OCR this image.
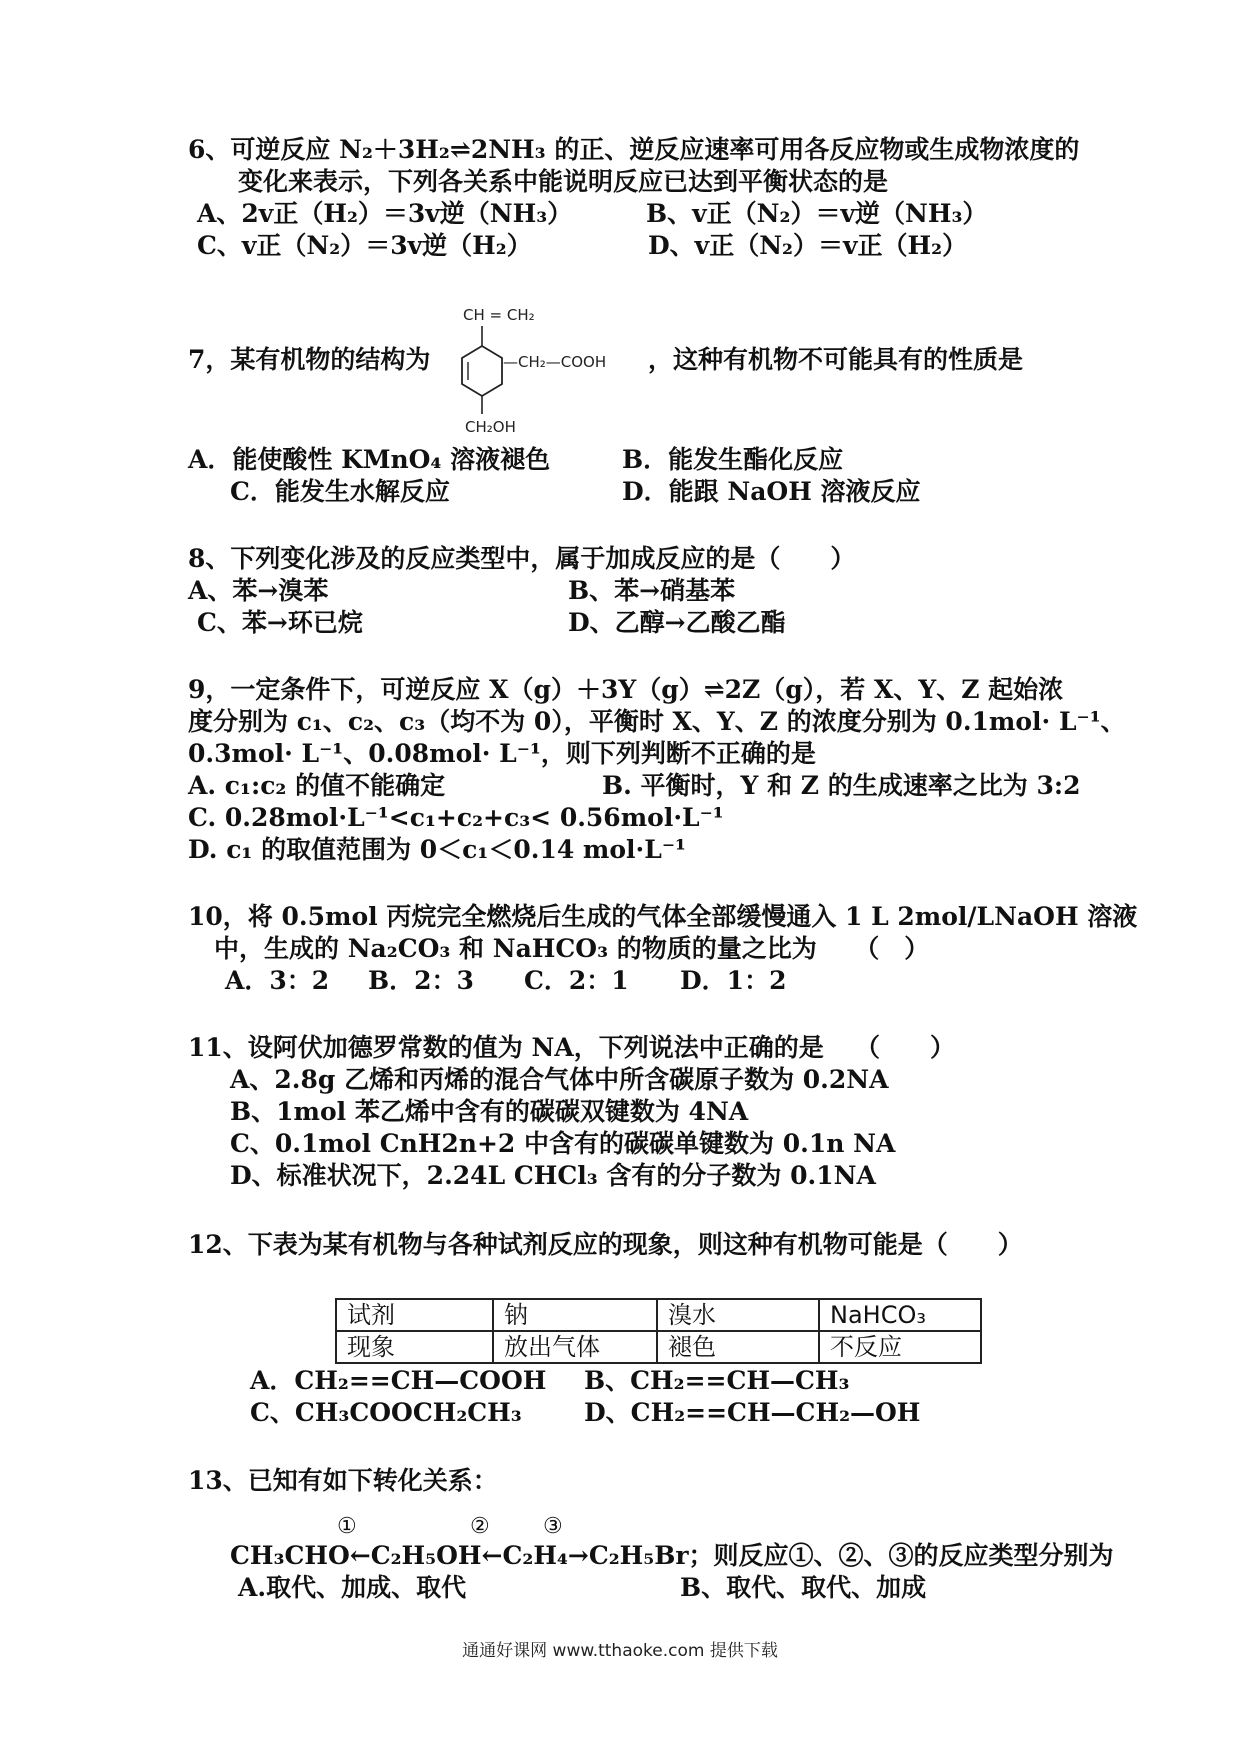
6、可逆反应 N₂＋3H₂⇌2NH₃ 的正、逆反应速率可用各反应物或生成物浓度的
变化来表示，下列各关系中能说明反应已达到平衡状态的是
A、2v正（H₂）＝3v逆（NH₃）	B、v正（N₂）＝v逆（NH₃）
C、v正（N₂）＝3v逆（H₂）	D、v正（N₂）＝v正（H₂）
7，某有机物的结构为
CH = CH₂
—CH₂—COOH
CH₂OH
，这种有机物不可能具有的性质是
A．能使酸性 KMnO₄ 溶液褪色	B．能发生酯化反应
C．能发生水解反应	D．能跟 NaOH 溶液反应
8、下列变化涉及的反应类型中，属于加成反应的是（　　）
A、苯→溴苯	B、苯→硝基苯
C、苯→环已烷	D、乙醇→乙酸乙酯
9，一定条件下，可逆反应 X（g）＋3Y（g）⇌2Z（g），若 X、Y、Z 起始浓
度分别为 c₁、c₂、c₃（均不为 0），平衡时 X、Y、Z 的浓度分别为 0.1mol· L⁻¹、
0.3mol· L⁻¹、0.08mol· L⁻¹，则下列判断不正确的是
A. c₁:c₂ 的值不能确定	B. 平衡时，Y 和 Z 的生成速率之比为 3:2
C. 0.28mol·L⁻¹<c₁+c₂+c₃< 0.56mol·L⁻¹
D. c₁ 的取值范围为 0＜c₁＜0.14 mol·L⁻¹
10，将 0.5mol 丙烷完全燃烧后生成的气体全部缓慢通入 1 L 2mol/LNaOH 溶液
中，生成的 Na₂CO₃ 和 NaHCO₃ 的物质的量之比为　　（　）
A．3：2 B．2：3 C．2：1 D．1：2
11、设阿伏加德罗常数的值为 NA，下列说法中正确的是 （　　）
A、2.8g 乙烯和丙烯的混合气体中所含碳原子数为 0.2NA
B、1mol 苯乙烯中含有的碳碳双键数为 4NA
C、0.1mol CnH2n+2 中含有的碳碳单键数为 0.1n NA
D、标准状况下，2.24L CHCl₃ 含有的分子数为 0.1NA
12、下表为某有机物与各种试剂反应的现象，则这种有机物可能是（　　）
试剂	钠	溴水	NaHCO₃
现象	放出气体	褪色	不反应
A．CH₂==CH—COOH B、CH₂==CH—CH₃
C、CH₃COOCH₂CH₃ D、CH₂==CH—CH₂—OH
13、已知有如下转化关系：
①	② ③
CH₃CHO←C₂H₅OH←C₂H₄→C₂H₅Br；则反应①、②、③的反应类型分别为
A.取代、加成、取代	B、取代、取代、加成
通通好课网 www.tthaoke.com 提供下载
